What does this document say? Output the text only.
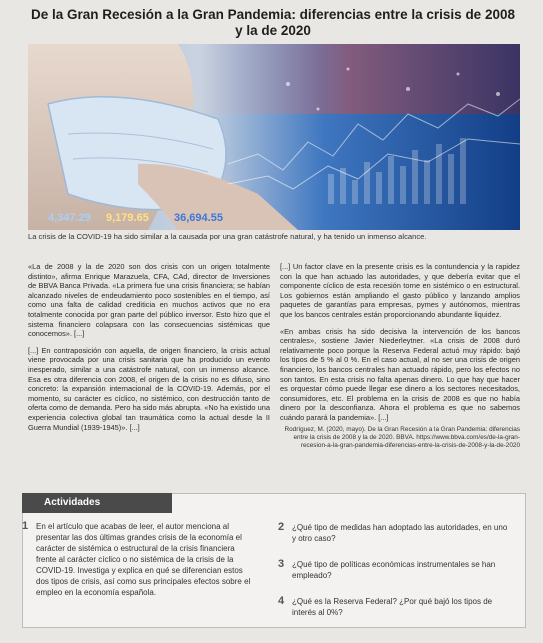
De la Gran Recesión a la Gran Pandemia: diferencias entre la crisis de 2008 y la de 2020
4,347.29 9,179.65 36,694.55
La crisis de la COVID-19 ha sido similar a la causada por una gran catástrofe natural, y ha tenido un inmenso alcance.

«La de 2008 y la de 2020 son dos crisis con un origen totalmente distinto», afirma Enrique Marazuela, CFA, CAd, director de Inversiones de BBVA Banca Privada. «La primera fue una crisis financiera; se habían alcanzado niveles de endeudamiento poco sostenibles en el tiempo, así como una falta de calidad crediticia en muchos activos que no era totalmente conocida por gran parte del público inversor. Esto hizo que el sistema financiero colapsara con las consecuencias sistémicas que conocemos». [...]

[...] En contraposición con aquella, de origen financiero, la crisis actual viene provocada por una crisis sanitaria que ha producido un evento inesperado, similar a una catástrofe natural, con un inmenso alcance. Esa es otra diferencia con 2008, el origen de la crisis no es difuso, sino concreto: la expansión internacional de la COVID-19. Además, por el momento, su carácter es cíclico, no sistémico, con destrucción tanto de oferta como de demanda. Pero ha sido más abrupta. «No ha existido una experiencia colectiva global tan traumática como la actual desde la II Guerra Mundial (1939-1945)». [...]

[...] Un factor clave en la presente crisis es la contundencia y la rapidez con la que han actuado las autoridades, y que debería evitar que el componente cíclico de esta recesión torne en sistémico o en estructural. Los gobiernos están ampliando el gasto público y lanzando amplios paquetes de garantías para empresas, pymes y autónomos, mientras que los bancos centrales están proporcionando abundante liquidez.

«En ambas crisis ha sido decisiva la intervención de los bancos centrales», sostiene Javier Niederleytner. «La crisis de 2008 duró relativamente poco porque la Reserva Federal actuó muy rápido: bajó los tipos de 5 % al 0 %. En el caso actual, al no ser una crisis de origen financiero, los bancos centrales han actuado rápido, pero los efectos no son tantos. En esta crisis no falta apenas dinero. Lo que hay que hacer es orquestar cómo puede llegar ese dinero a los sectores necesitados, consumidores, etc. El problema en la crisis de 2008 es que no había dinero por la desconfianza. Ahora el problema es que no sabemos cuándo parará la pandemia». [...]

Rodríguez, M. (2020, mayo). De la Gran Recesión a la Gran Pandemia: diferencias entre la crisis de 2008 y la de 2020. BBVA. https://www.bbva.com/es/de-la-gran-recesion-a-la-gran-pandemia-diferencias-entre-la-crisis-de-2008-y-la-de-2020
Actividades
1 En el artículo que acabas de leer, el autor menciona al presentar las dos últimas grandes crisis de la economía el carácter de sistémica o estructural de la crisis financiera frente al carácter cíclico o no sistémica de la crisis de la COVID-19. Investiga y explica en qué se diferencian estos dos tipos de crisis, así como sus principales efectos sobre el empleo en la economía española.
2 ¿Qué tipo de medidas han adoptado las autoridades, en uno y otro caso?
3 ¿Qué tipo de políticas económicas instrumentales se han empleado?
4 ¿Qué es la Reserva Federal? ¿Por qué bajó los tipos de interés al 0%?
